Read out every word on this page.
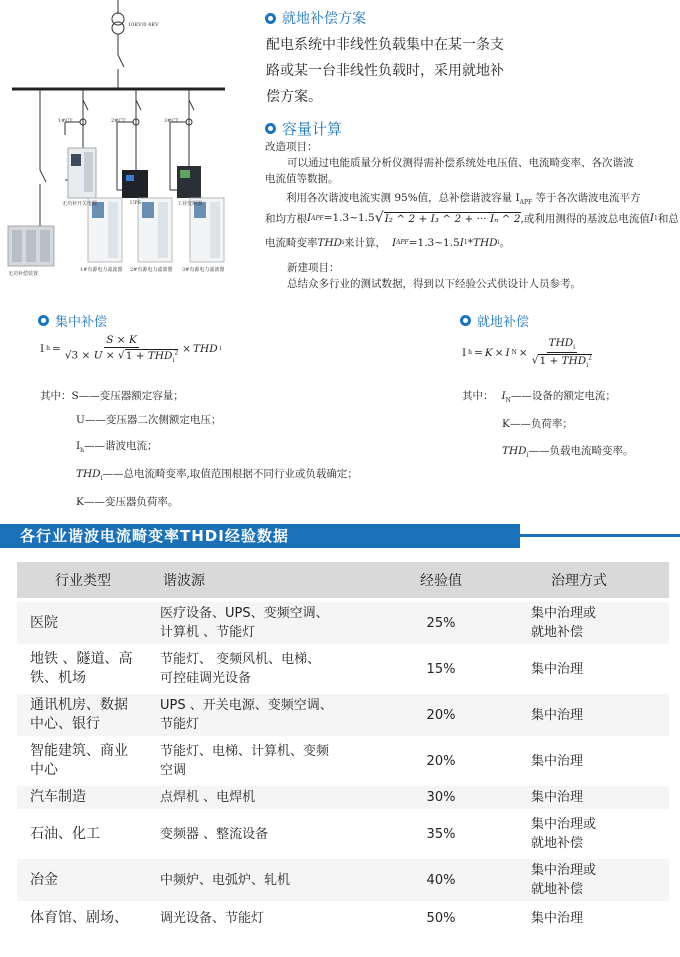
10KV/0.4KV
1#CT	2#CT	3#CT
无功补开关电源	UPS	工业变频器
无功补偿装置
1#有源电力滤波器 2#有源电力滤波器 3#有源电力滤波器
就地补偿方案
配电系统中非线性负载集中在某一条支
路或某一台非线性负载时，采用就地补
偿方案。
容量计算
改造项目：
可以通过电能质量分析仪测得需补偿系统处电压值、电流畸变率、各次谐波
电流值等数据。
利用各次谐波电流实测 95%值，总补偿谐波容量 $I_{APF}$ 等于各次谐波电流平方
和均方根 I APF =1.3~1.5 √ I₂ ^ 2 + I₃ ^ 2 + ··· Iₙ ^ 2 ,或利用测得的基波总电流值 I 1 和总
电流畸变率 THD i 来计算， I APF =1.3~1.5 I 1 * THD i 。
新建项目：
总结众多行业的测试数据，得到以下经验公式供设计人员参考。
集中补偿
I $h = \frac{S \times K}{√3 \times U \times √1 + THD_i^2}$ × THD i
其中：S——变压器额定容量；
U——变压器二次侧额定电压；
$I_h——$谐波电流；
$THD_i——$总电流畸变率,取值范围根据不同行业或负载确定；
K——变压器负荷率。
就地补偿
I h = K × I $N \times \frac{THD_i}{√1 + THD_i^2}$
其中： $I_N——$设备的额定电流；
K——负荷率；
$THD_i——$负载电流畸变率。
各行业谐波电流畸变率THDI经验数据
行业类型	谐波源	经验值	治理方式
医院	医疗设备、UPS、变频空调、
计算机 、节能灯	25%	集中治理或
就地补偿
地铁 、隧道、高
铁、机场	节能灯、 变频风机、电梯、
可控硅调光设备	15%	集中治理
通讯机房、数据
中心、银行	UPS 、开关电源、变频空调、
节能灯	20%	集中治理
智能建筑、商业
中心	节能灯、电梯、计算机、变频
空调	20%	集中治理
汽车制造	点焊机 、电焊机	30%	集中治理
石油、化工	变频器 、整流设备	35%	集中治理或
就地补偿
冶金	中频炉、电弧炉、轧机	40%	集中治理或
就地补偿
体育馆、剧场、	调光设备、节能灯	50%	集中治理
